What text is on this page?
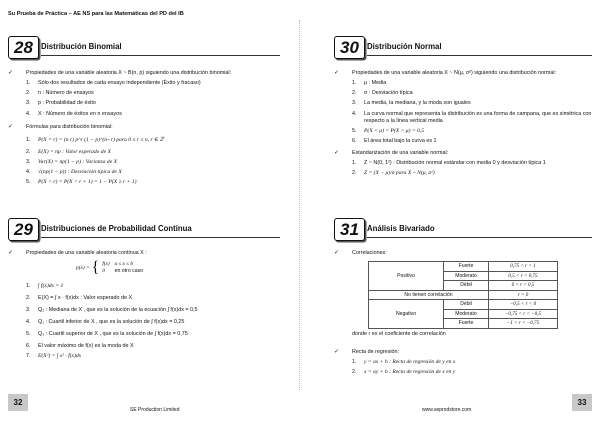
Su Prueba de Práctica – AE NS para las Matemáticas del PD del IB
28	Distribución Binomial
✓ Propiedades de una variable aleatoria X ~ B(n, p) siguiendo una distribución binomial:
1. Sólo dos resultados de cada ensayo independiente (Éxito y fracaso)
2. n : Número de ensayos
3. p : Probabilidad de éxito
4. X : Número de éxitos en n ensayos
✓ Fórmulas para distribución binomial:
1. P(X = r) = (n r) p^r (1 − p)^(n−r) para 0 ≤ r ≤ n, r ∈ ℤ
2. E(X) = np : Valor esperado de X
3. Var(X) = np(1 − p) : Varianza de X
4. √(np(1 − p)) : Desviación típica de X
5. P(X < r) = P(X < r + 1) = 1 − P(X ≥ r + 1)
29	Distribuciones de Probabilidad Continua
✓ Propiedades de una variable aleatoria continua X :
p(x) = { f(x)	a ≤ x ≤ b
0	en otro caso
1. ∫ f(x)dx = 1
2. E(X) = ∫ x · f(x)dx : Valor esperado de X
3. Q₂ : Mediana de X , que es la solución de la ecuación ∫ f(x)dx = 0,5
4. Q₁ : Cuartil inferior de X , que es la solución de ∫ f(x)dx = 0,25
5. Q₃ : Cuartil superior de X , que es la solución de ∫ f(x)dx = 0,75
6. El valor máximo de f(x) es la moda de X
7. E(X²) = ∫ x² · f(x)dx
30	Distribución Normal
✓ Propiedades de una variable aleatoria X ~ N(μ, σ²) siguiendo una distribución normal:
1. μ : Media
2. σ : Desviación típica
3. La media, la mediana, y la moda son iguales
4. La curva normal que representa la distribución es una forma de campana, que es simétrica con respecto a la línea vertical media
5. P(X < μ) = P(X > μ) = 0,5
6. El área total bajo la curva es 1
✓ Estandarización de una variable normal:
1. Z ~ N(0, 1²) : Distribución normal estándar con media 0 y desviación típica 1
2. Z = (X − μ)/σ para X ~ N(μ, σ²)
31	Análisis Bivariado
✓ Correlaciones:
Positivo	Fuerte	0,75 < r < 1
	Moderato	0,5 < r < 0,75
	Débil	0 < r < 0,5
No tienen correlación		r = 0
Negativo	Débil	−0,5 < r < 0
	Moderato	−0,75 < r < −0,5
	Fuerte	−1 < r < −0,75
donde r es el coeficiente de correlación
✓ Recta de regresión:
1. y = ax + b : Recta de regresión de y en x
2. x = ay + b : Recta de regresión de x en y
32	33
SE Production Limited	www.seprodstore.com
